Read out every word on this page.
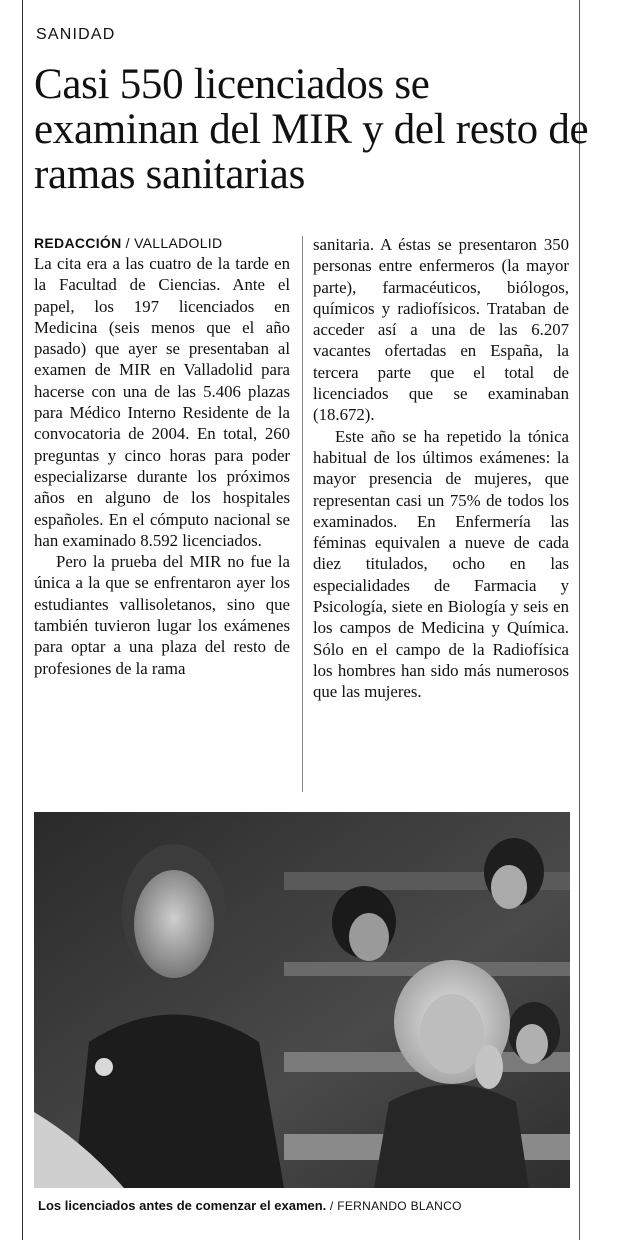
SANIDAD
Casi 550 licenciados se examinan del MIR y del resto de ramas sanitarias
REDACCIÓN / VALLADOLID

La cita era a las cuatro de la tarde en la Facultad de Ciencias. Ante el papel, los 197 licenciados en Medicina (seis menos que el año pasado) que ayer se presentaban al examen de MIR en Valladolid para hacerse con una de las 5.406 plazas para Médico Interno Residente de la convocatoria de 2004. En total, 260 preguntas y cinco horas para poder especializarse durante los próximos años en alguno de los hospitales españoles. En el cómputo nacional se han examinado 8.592 licenciados.

Pero la prueba del MIR no fue la única a la que se enfrentaron ayer los estudiantes vallisoletanos, sino que también tuvieron lugar los exámenes para optar a una plaza del resto de profesiones de la rama

sanitaria. A éstas se presentaron 350 personas entre enfermeros (la mayor parte), farmacéuticos, biólogos, químicos y radiofísicos. Trataban de acceder así a una de las 6.207 vacantes ofertadas en España, la tercera parte que el total de licenciados que se examinaban (18.672).

Este año se ha repetido la tónica habitual de los últimos exámenes: la mayor presencia de mujeres, que representan casi un 75% de todos los examinados. En Enfermería las féminas equivalen a nueve de cada diez titulados, ocho en las especialidades de Farmacia y Psicología, siete en Biología y seis en los campos de Medicina y Química. Sólo en el campo de la Radiofísica los hombres han sido más numerosos que las mujeres.

Los licenciados antes de comenzar el examen. / FERNANDO BLANCO
